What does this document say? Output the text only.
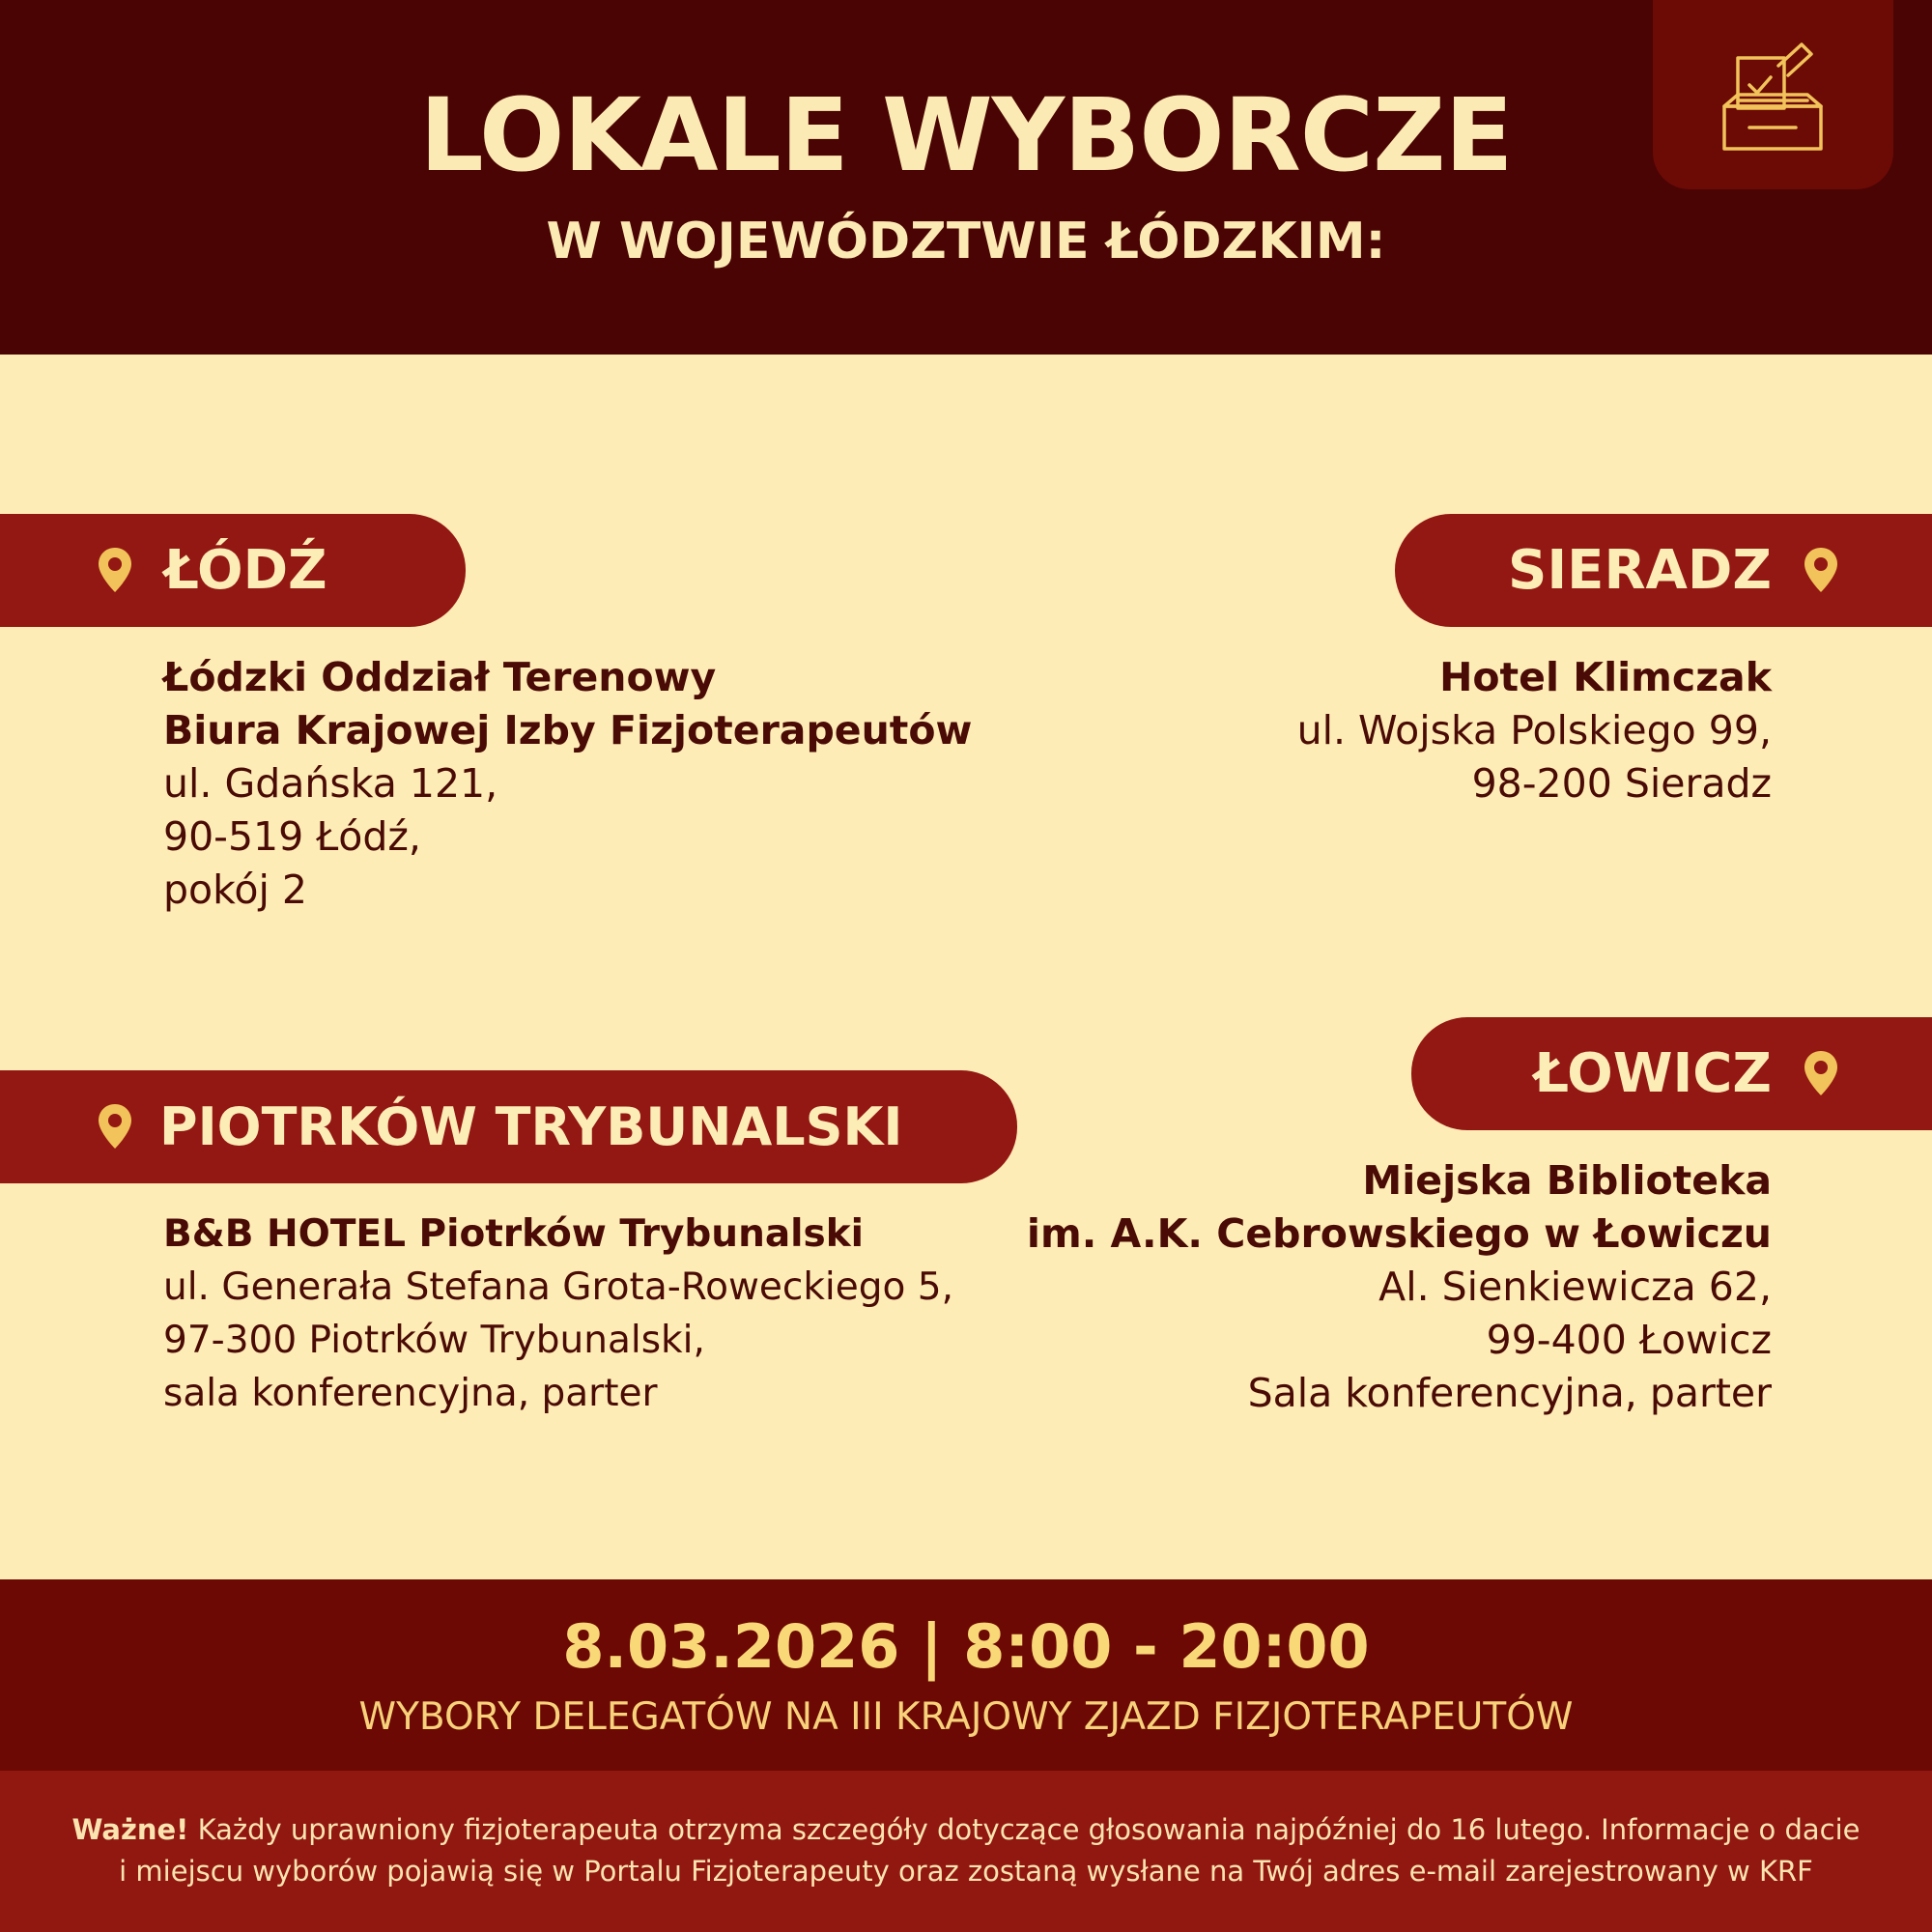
LOKALE WYBORCZE
W WOJEWÓDZTWIE ŁÓDZKIM:
ŁÓDŹ
Łódzki Oddział Terenowy
Biura Krajowej Izby Fizjoterapeutów
ul. Gdańska 121,
90-519 Łódź,
pokój 2
SIERADZ
Hotel Klimczak
ul. Wojska Polskiego 99,
98-200 Sieradz
ŁOWICZ
Miejska Biblioteka
im. A.K. Cebrowskiego w Łowiczu
Al. Sienkiewicza 62,
99-400 Łowicz
Sala konferencyjna, parter
PIOTRKÓW TRYBUNALSKI
B&B HOTEL Piotrków Trybunalski
ul. Generała Stefana Grota-Roweckiego 5,
97-300 Piotrków Trybunalski,
sala konferencyjna, parter
8.03.2026 | 8:00 - 20:00
WYBORY DELEGATÓW NA III KRAJOWY ZJAZD FIZJOTERAPEUTÓW
Ważne! Każdy uprawniony fizjoterapeuta otrzyma szczegóły dotyczące głosowania najpóźniej do 16 lutego. Informacje o dacie
i miejscu wyborów pojawią się w Portalu Fizjoterapeuty oraz zostaną wysłane na Twój adres e-mail zarejestrowany w KRF
